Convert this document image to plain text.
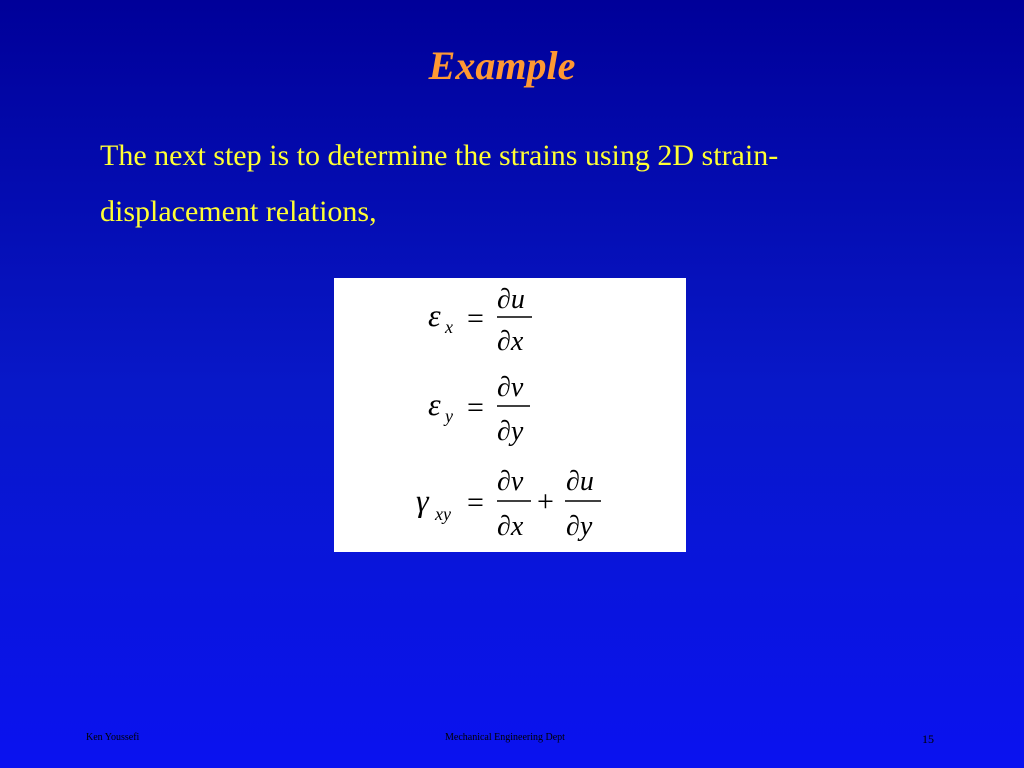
Example
The next step is to determine the strains using 2D strain-
displacement relations,
ε x =
∂u
∂x
ε y =
∂v
∂y
γ xy =
∂v
∂x
+
∂u
∂y
Ken Youssefi	Mechanical Engineering Dept	15
